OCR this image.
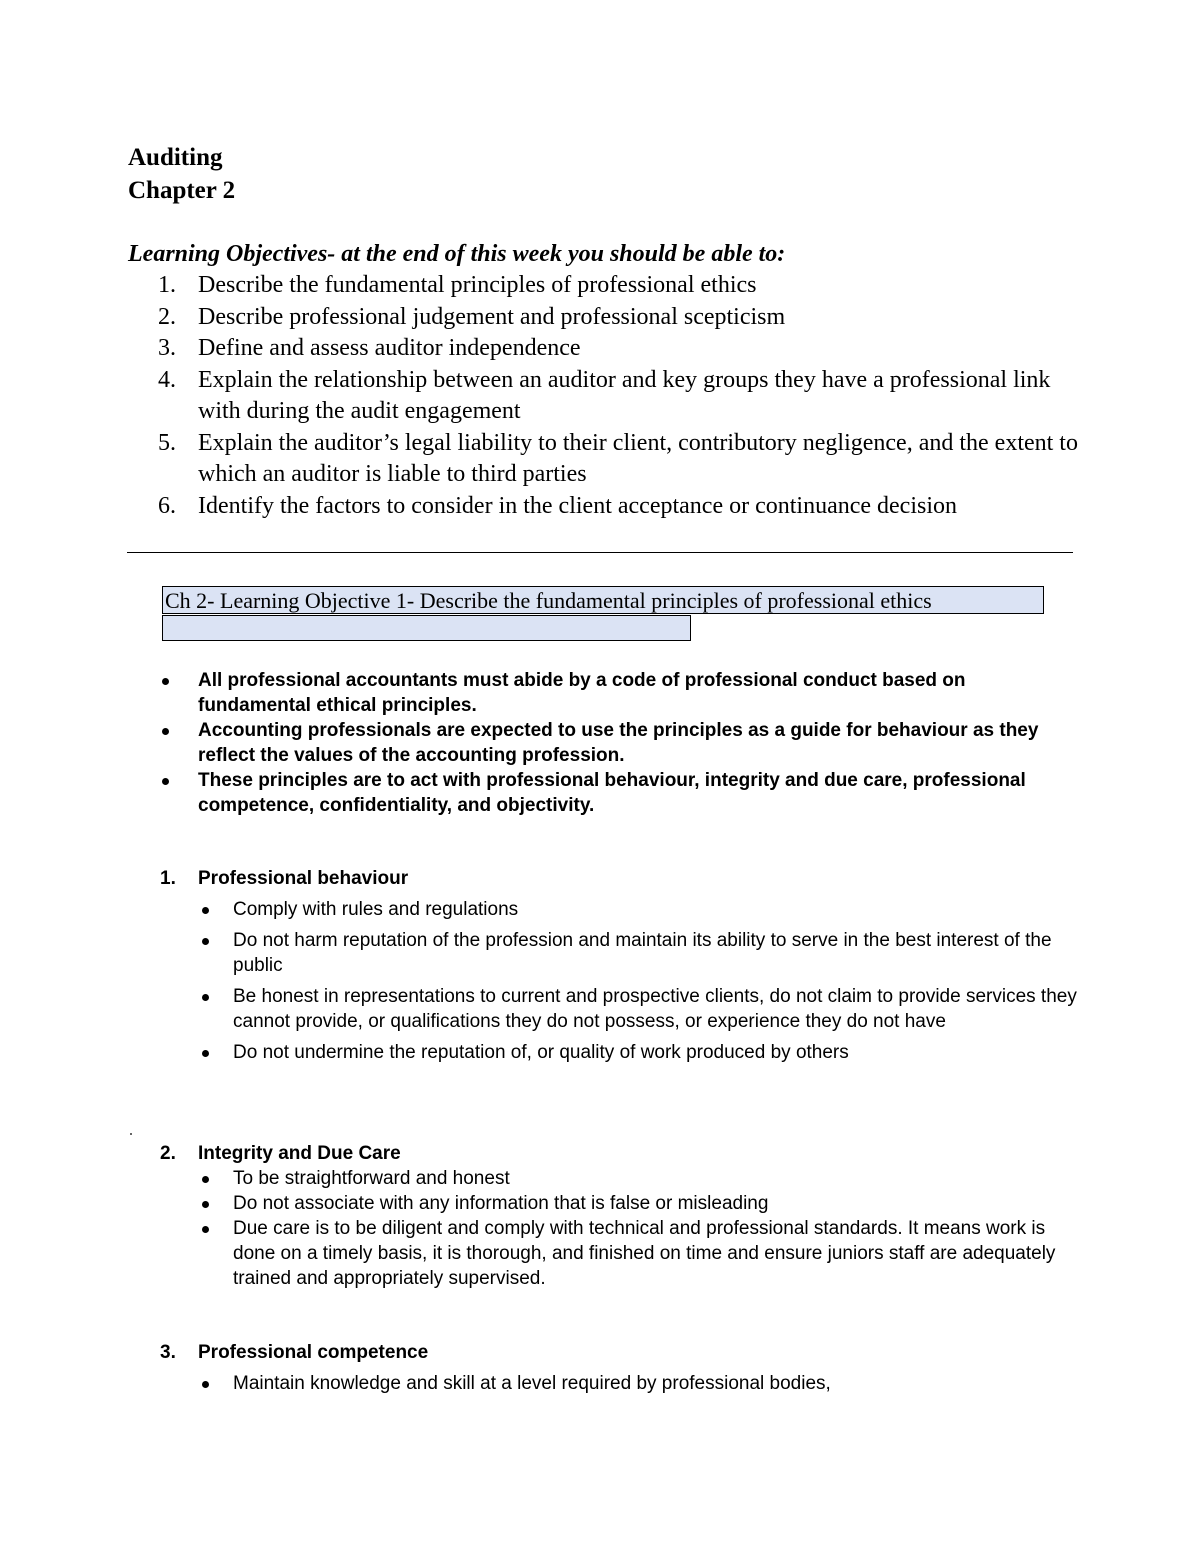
Auditing
Chapter 2
Learning Objectives- at the end of this week you should be able to:
1. Describe the fundamental principles of professional ethics
2. Describe professional judgement and professional scepticism
3. Define and assess auditor independence
4. Explain the relationship between an auditor and key groups they have a professional link with during the audit engagement
5. Explain the auditor’s legal liability to their client, contributory negligence, and the extent to which an auditor is liable to third parties
6. Identify the factors to consider in the client acceptance or continuance decision
Ch 2- Learning Objective 1- Describe the fundamental principles of professional ethics
All professional accountants must abide by a code of professional conduct based on fundamental ethical principles.
Accounting professionals are expected to use the principles as a guide for behaviour as they reflect the values of the accounting profession.
These principles are to act with professional behaviour, integrity and due care, professional competence, confidentiality, and objectivity.
1. Professional behaviour
Comply with rules and regulations
Do not harm reputation of the profession and maintain its ability to serve in the best interest of the public
Be honest in representations to current and prospective clients, do not claim to provide services they cannot provide, or qualifications they do not possess, or experience they do not have
Do not undermine the reputation of, or quality of work produced by others
2. Integrity and Due Care
To be straightforward and honest
Do not associate with any information that is false or misleading
Due care is to be diligent and comply with technical and professional standards. It means work is done on a timely basis, it is thorough, and finished on time and ensure juniors staff are adequately trained and appropriately supervised.
3. Professional competence
Maintain knowledge and skill at a level required by professional bodies,
